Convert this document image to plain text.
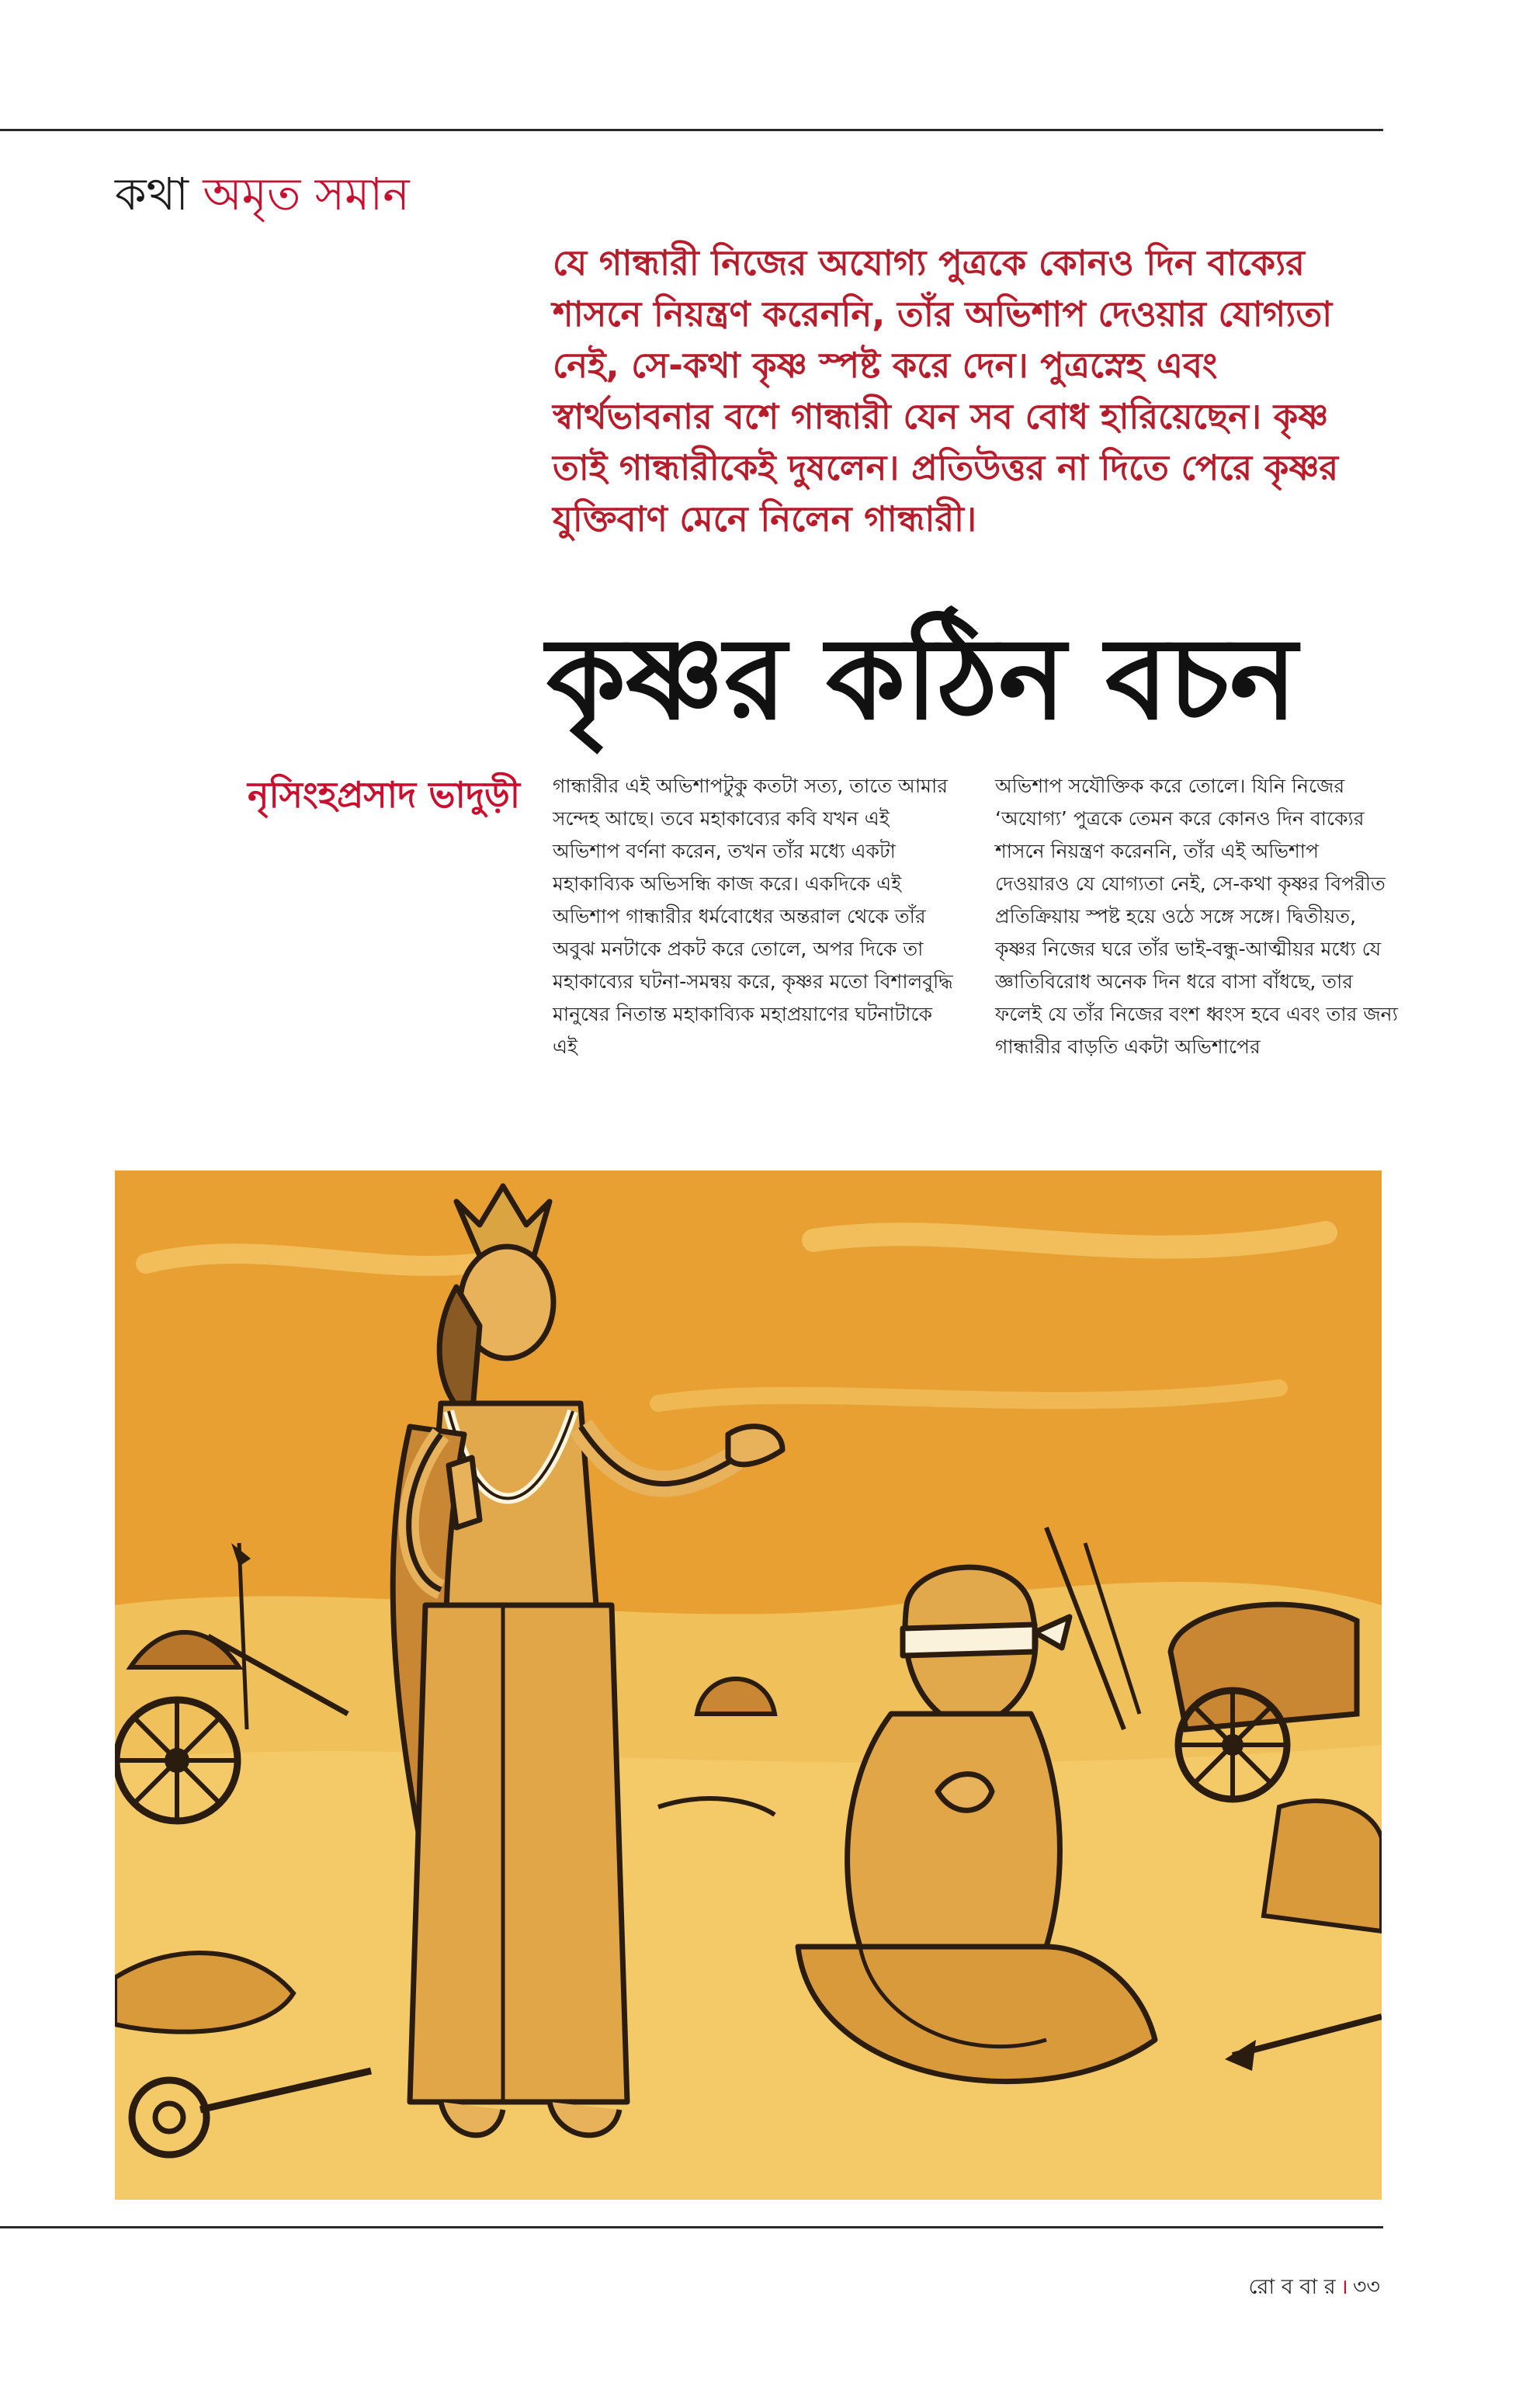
কথা অমৃত সমান
যে গান্ধারী নিজের অযোগ্য পুত্রকে কোনও দিন বাক্যের শাসনে নিয়ন্ত্রণ করেননি, তাঁর অভিশাপ দেওয়ার যোগ্যতা নেই, সে-কথা কৃষ্ণ স্পষ্ট করে দেন। পুত্রস্নেহ এবং স্বার্থভাবনার বশে গান্ধারী যেন সব বোধ হারিয়েছেন। কৃষ্ণ তাই গান্ধারীকেই দুষলেন। প্রতিউত্তর না দিতে পেরে কৃষ্ণর যুক্তিবাণ মেনে নিলেন গান্ধারী।
কৃষ্ণর কঠিন বচন
নৃসিংহপ্রসাদ ভাদুড়ী গান্ধারীর এই অভিশাপটুকু কতটা সত্য, তাতে আমার সন্দেহ আছে। তবে মহাকাব্যের কবি যখন এই অভিশাপ বর্ণনা করেন, তখন তাঁর মধ্যে একটা মহাকাব্যিক অভিসন্ধি কাজ করে। একদিকে এই অভিশাপ গান্ধারীর ধর্মবোধের অন্তরাল থেকে তাঁর অবুঝ মনটাকে প্রকট করে তোলে, অপর দিকে তা মহাকাব্যের ঘটনা-সমন্বয় করে, কৃষ্ণর মতো বিশালবুদ্ধি মানুষের নিতান্ত মহাকাব্যিক মহাপ্রয়াণের ঘটনাটাকে এই
অভিশাপ সযৌক্তিক করে তোলে। যিনি নিজের ‘অযোগ্য’ পুত্রকে তেমন করে কোনও দিন বাক্যের শাসনে নিয়ন্ত্রণ করেননি, তাঁর এই অভিশাপ দেওয়ারও যে যোগ্যতা নেই, সে-কথা কৃষ্ণর বিপরীত প্রতিক্রিয়ায় স্পষ্ট হয়ে ওঠে সঙ্গে সঙ্গে। দ্বিতীয়ত, কৃষ্ণর নিজের ঘরে তাঁর ভাই-বন্ধু-আত্মীয়র মধ্যে যে জ্ঞাতিবিরোধ অনেক দিন ধরে বাসা বাঁধছে, তার ফলেই যে তাঁর নিজের বংশ ধ্বংস হবে এবং তার জন্য গান্ধারীর বাড়তি একটা অভিশাপের
রো ব বা র । ৩৩
